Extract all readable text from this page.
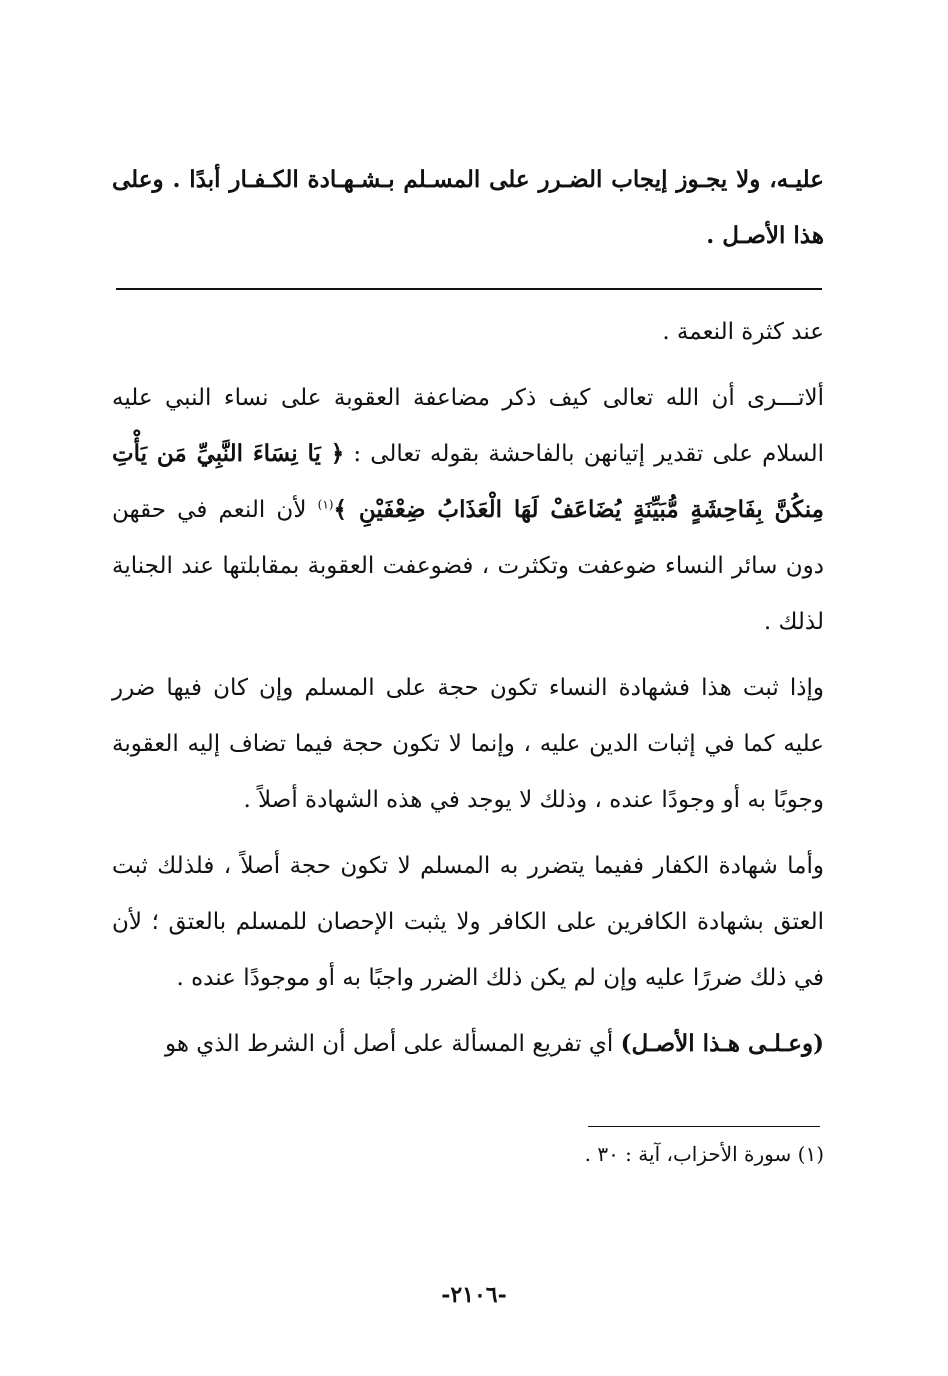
عليـه، ولا يجـوز إيجاب الضـرر على المسـلم بـشـهـادة الكـفـار أبدًا . وعلى هذا الأصـل .

عند كثرة النعمة .

ألاتـــرى أن الله تعالى كيف ذكر مضاعفة العقوبة على نساء النبي عليه السلام على تقدير إتيانهن بالفاحشة بقوله تعالى : ﴿ يَا نِسَاءَ النَّبِيِّ مَن يَأْتِ مِنكُنَّ بِفَاحِشَةٍ مُّبَيِّنَةٍ يُضَاعَفْ لَهَا الْعَذَابُ ضِعْفَيْنِ ﴾$^{(١)}$ لأن النعم في حقهن دون سائر النساء ضوعفت وتكثرت ، فضوعفت العقوبة بمقابلتها عند الجناية لذلك .

وإذا ثبت هذا فشهادة النساء تكون حجة على المسلم وإن كان فيها ضرر عليه كما في إثبات الدين عليه ، وإنما لا تكون حجة فيما تضاف إليه العقوبة وجوبًا به أو وجودًا عنده ، وذلك لا يوجد في هذه الشهادة أصلاً .

وأما شهادة الكفار ففيما يتضرر به المسلم لا تكون حجة أصلاً ، فلذلك ثبت العتق بشهادة الكافرين على الكافر ولا يثبت الإحصان للمسلم بالعتق ؛ لأن في ذلك ضررًا عليه وإن لم يكن ذلك الضرر واجبًا به أو موجودًا عنده .

(وعـلـى هـذا الأصـل) أي تفريع المسألة على أصل أن الشرط الذي هو

(١) سورة الأحزاب، آية : ٣٠ .
-٢١٠٦-
